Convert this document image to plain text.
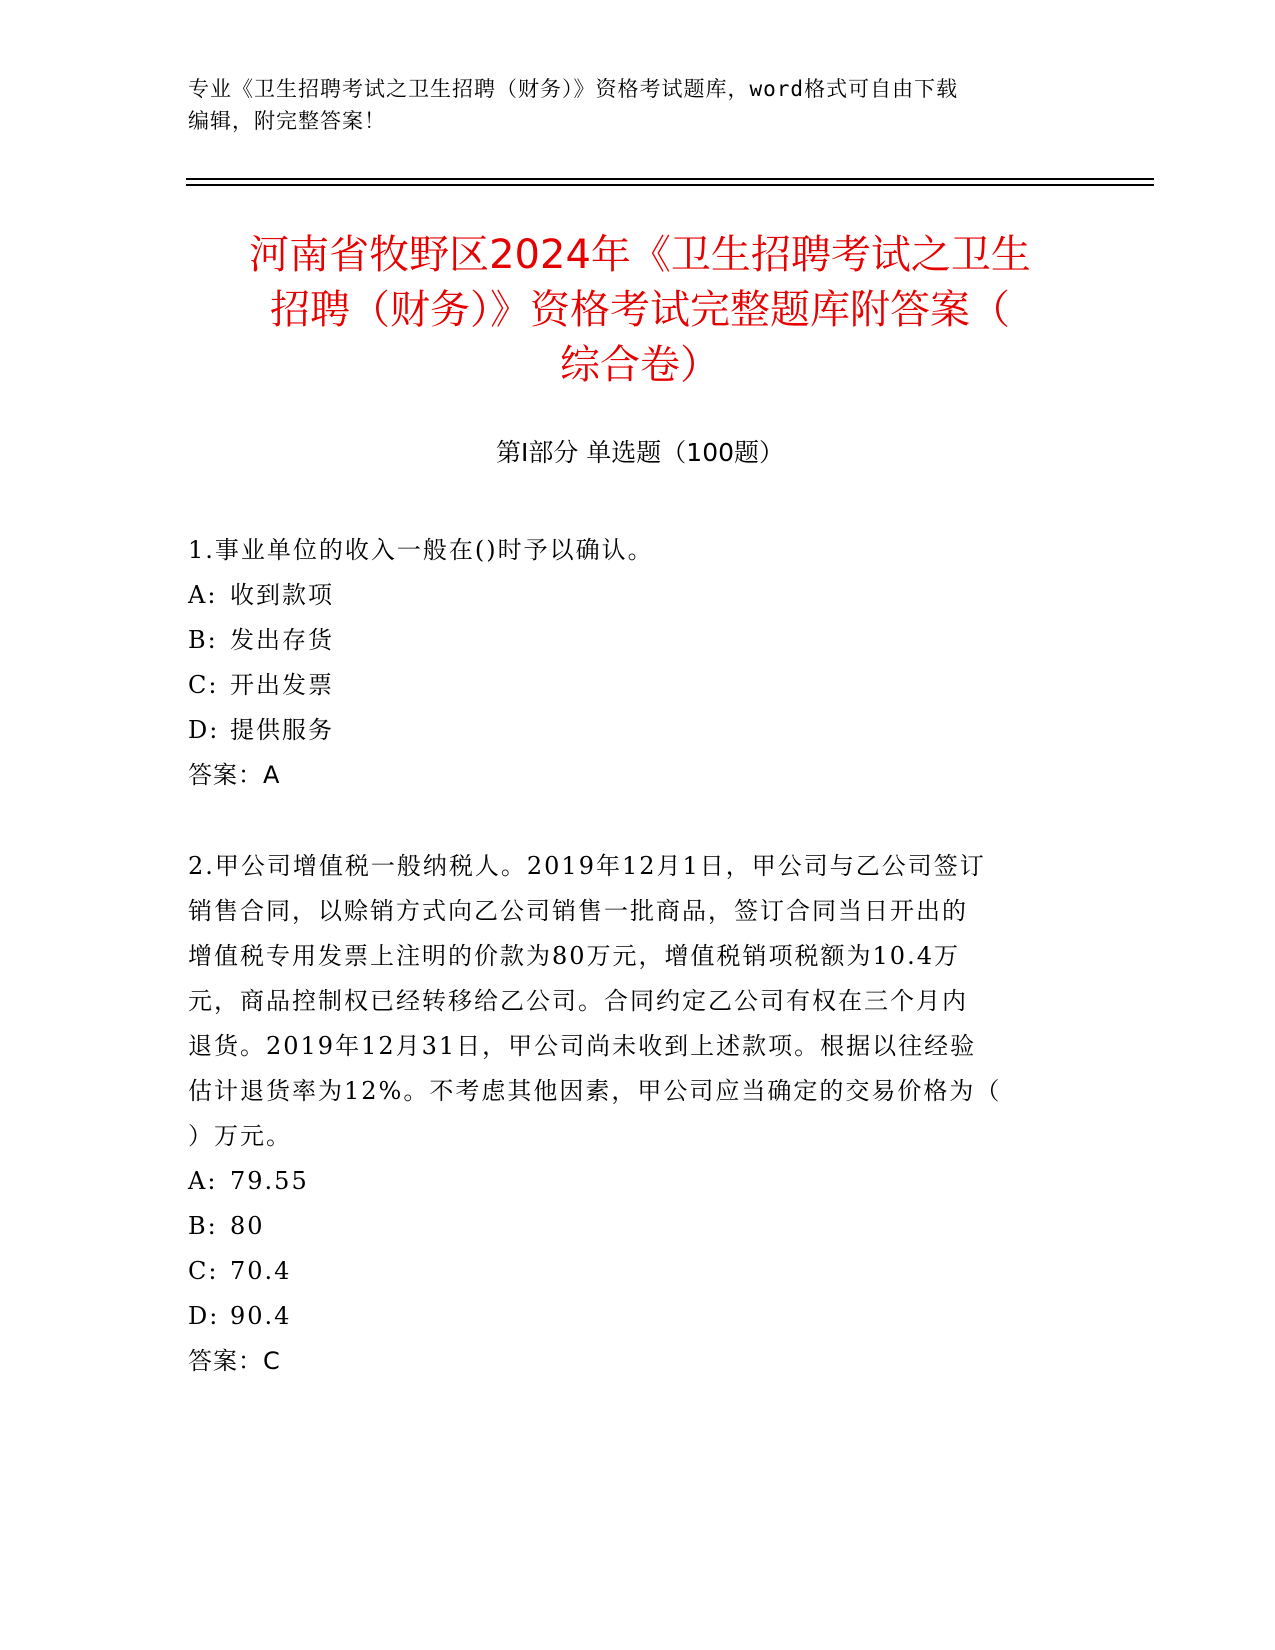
专业《卫生招聘考试之卫生招聘（财务）》资格考试题库，word格式可自由下载
编辑，附完整答案！
河南省牧野区2024年《卫生招聘考试之卫生
招聘（财务）》资格考试完整题库附答案（
综合卷）
第Ⅰ部分 单选题（100题）

1.事业单位的收入一般在()时予以确认。

A: 收到款项
B: 发出存货
C: 开出发票
D: 提供服务
答案：A
2.甲公司增值税一般纳税人。2019年12月1日，甲公司与乙公司签订
销售合同，以赊销方式向乙公司销售一批商品，签订合同当日开出的
增值税专用发票上注明的价款为80万元，增值税销项税额为10.4万
元，商品控制权已经转移给乙公司。合同约定乙公司有权在三个月内
退货。2019年12月31日，甲公司尚未收到上述款项。根据以往经验
估计退货率为12%。不考虑其他因素，甲公司应当确定的交易价格为（
）万元。
A: 79.55
B: 80
C: 70.4
D: 90.4
答案：C
